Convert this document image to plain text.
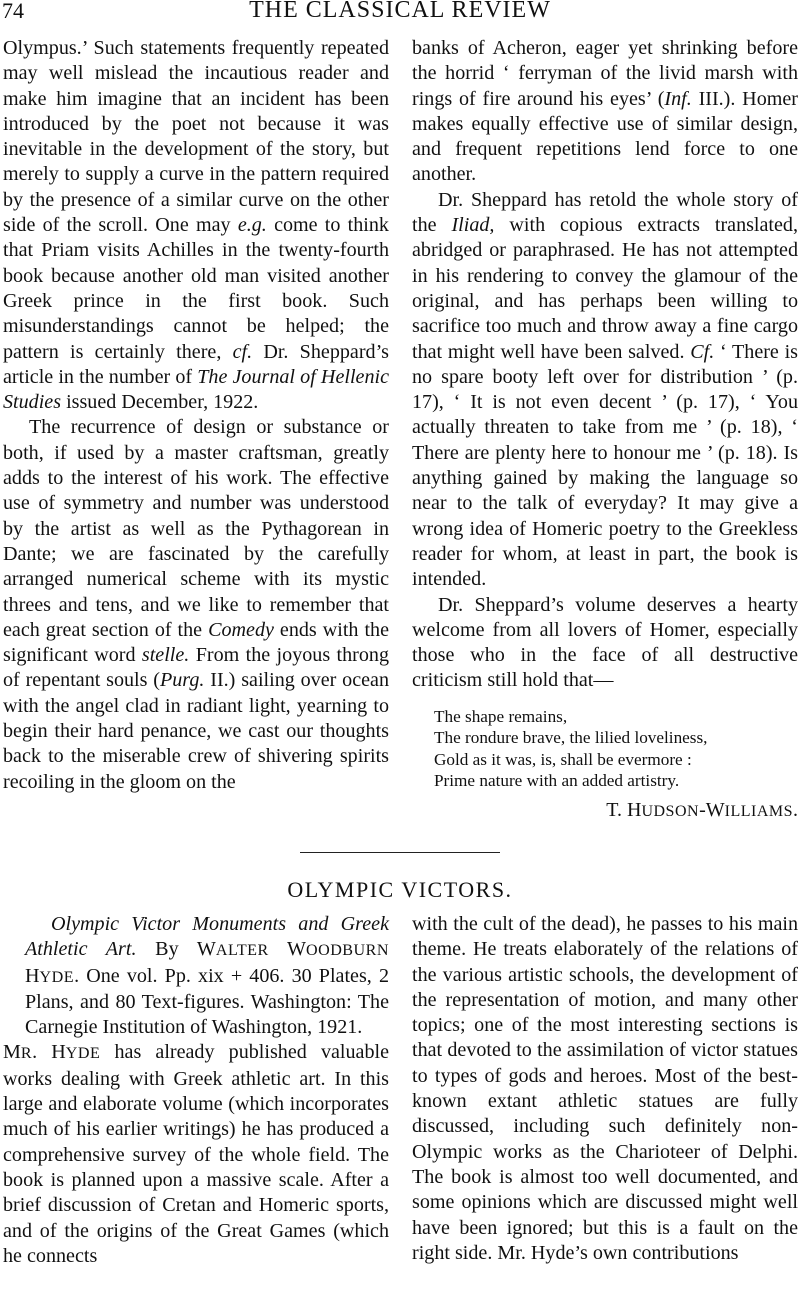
74	THE CLASSICAL REVIEW

Olympus.’ Such statements frequently repeated may well mislead the incautious reader and make him imagine that an incident has been introduced by the poet not because it was inevitable in the development of the story, but merely to supply a curve in the pattern required by the presence of a similar curve on the other side of the scroll. One may e.g. come to think that Priam visits Achilles in the twenty-fourth book because another old man visited another Greek prince in the first book. Such misunderstandings cannot be helped; the pattern is certainly there, cf. Dr. Sheppard’s article in the number of The Journal of Hellenic Studies issued December, 1922.

The recurrence of design or substance or both, if used by a master craftsman, greatly adds to the interest of his work. The effective use of symmetry and number was understood by the artist as well as the Pythagorean in Dante; we are fascinated by the carefully arranged numerical scheme with its mystic threes and tens, and we like to remember that each great section of the Comedy ends with the significant word stelle. From the joyous throng of repentant souls (Purg. II.) sailing over ocean with the angel clad in radiant light, yearning to begin their hard penance, we cast our thoughts back to the miserable crew of shivering spirits recoiling in the gloom on the

banks of Acheron, eager yet shrinking before the horrid ‘ ferryman of the livid marsh with rings of fire around his eyes’ (Inf. III.). Homer makes equally effective use of similar design, and frequent repetitions lend force to one another.

Dr. Sheppard has retold the whole story of the Iliad, with copious extracts translated, abridged or paraphrased. He has not attempted in his rendering to convey the glamour of the original, and has perhaps been willing to sacrifice too much and throw away a fine cargo that might well have been salved. Cf. ‘ There is no spare booty left over for distribution ’ (p. 17), ‘ It is not even decent ’ (p. 17), ‘ You actually threaten to take from me ’ (p. 18), ‘ There are plenty here to honour me ’ (p. 18). Is anything gained by making the language so near to the talk of everyday? It may give a wrong idea of Homeric poetry to the Greekless reader for whom, at least in part, the book is intended.

Dr. Sheppard’s volume deserves a hearty welcome from all lovers of Homer, especially those who in the face of all destructive criticism still hold that—

The shape remains,
The rondure brave, the lilied loveliness,
Gold as it was, is, shall be evermore :
Prime nature with an added artistry.
T. HUDSON-WILLIAMS.
OLYMPIC VICTORS.

Olympic Victor Monuments and Greek Athletic Art. By WALTER WOODBURN HYDE. One vol. Pp. xix + 406. 30 Plates, 2 Plans, and 80 Text-figures. Washington: The Carnegie Institution of Washington, 1921.

MR. HYDE has already published valuable works dealing with Greek athletic art. In this large and elaborate volume (which incorporates much of his earlier writings) he has produced a comprehensive survey of the whole field. The book is planned upon a massive scale. After a brief discussion of Cretan and Homeric sports, and of the origins of the Great Games (which he connects

with the cult of the dead), he passes to his main theme. He treats elaborately of the relations of the various artistic schools, the development of the representation of motion, and many other topics; one of the most interesting sections is that devoted to the assimilation of victor statues to types of gods and heroes. Most of the best-known extant athletic statues are fully discussed, including such definitely non-Olympic works as the Charioteer of Delphi. The book is almost too well documented, and some opinions which are discussed might well have been ignored; but this is a fault on the right side. Mr. Hyde’s own contributions
